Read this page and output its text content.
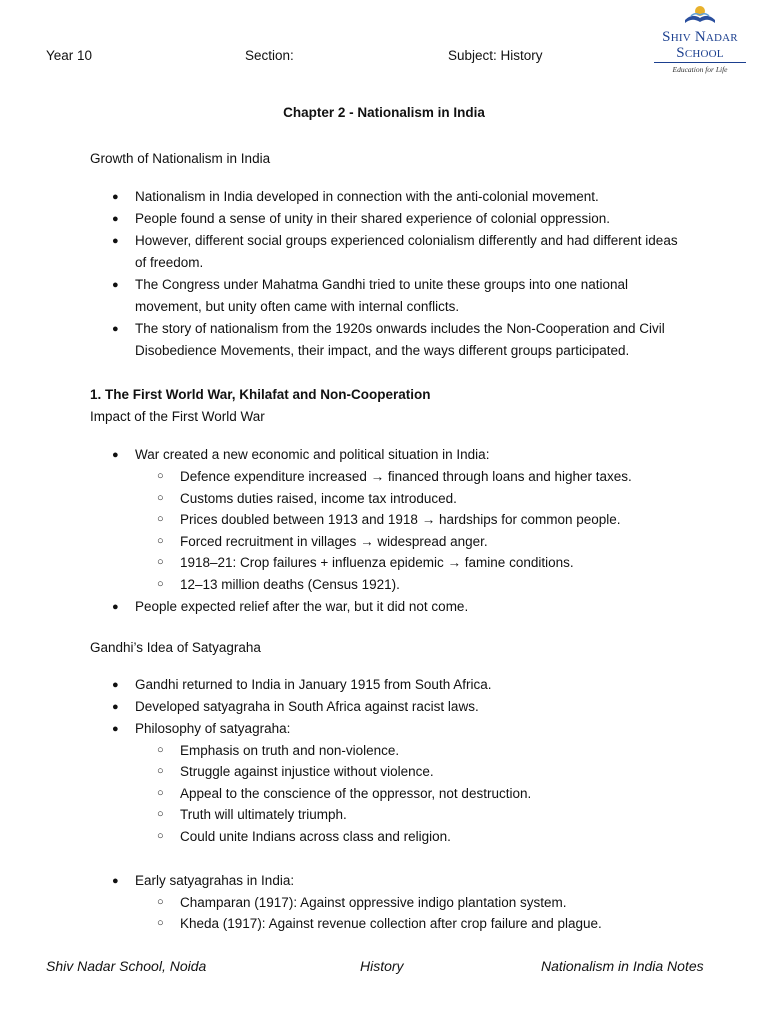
Year 10	Section:	Subject: History
Shiv Nadar School
Education for Life
Chapter 2 - Nationalism in India

Growth of Nationalism in India

● Nationalism in India developed in connection with the anti-colonial movement.
● People found a sense of unity in their shared experience of colonial oppression.
● However, different social groups experienced colonialism differently and had different ideas of freedom.
● The Congress under Mahatma Gandhi tried to unite these groups into one national movement, but unity often came with internal conflicts.
● The story of nationalism from the 1920s onwards includes the Non-Cooperation and Civil Disobedience Movements, their impact, and the ways different groups participated.

1. The First World War, Khilafat and Non-Cooperation

Impact of the First World War

● War created a new economic and political situation in India:
○ Defence expenditure increased → financed through loans and higher taxes.
○ Customs duties raised, income tax introduced.
○ Prices doubled between 1913 and 1918 → hardships for common people.
○ Forced recruitment in villages → widespread anger.
○ 1918–21: Crop failures + influenza epidemic → famine conditions.
○ 12–13 million deaths (Census 1921).
● People expected relief after the war, but it did not come.

Gandhi’s Idea of Satyagraha

● Gandhi returned to India in January 1915 from South Africa.
● Developed satyagraha in South Africa against racist laws.
● Philosophy of satyagraha:
○ Emphasis on truth and non-violence.
○ Struggle against injustice without violence.
○ Appeal to the conscience of the oppressor, not destruction.
○ Truth will ultimately triumph.
○ Could unite Indians across class and religion.
● Early satyagrahas in India:
○ Champaran (1917): Against oppressive indigo plantation system.
○ Kheda (1917): Against revenue collection after crop failure and plague.
Shiv Nadar School, Noida	History	Nationalism in India Notes
